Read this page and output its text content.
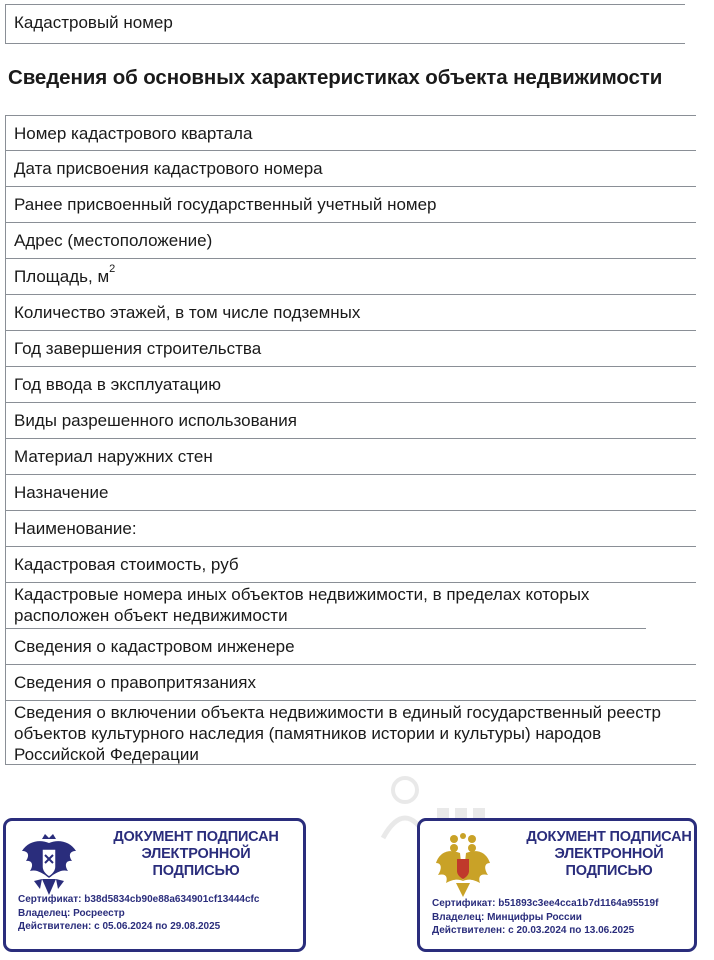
Кадастровый номер
Сведения об основных характеристиках объекта недвижимости
Номер кадастрового квартала
Дата присвоения кадастрового номера
Ранее присвоенный государственный учетный номер
Адрес (местоположение)
Площадь, $м^2$
Количество этажей, в том числе подземных
Год завершения строительства
Год ввода в эксплуатацию
Виды разрешенного использования
Материал наружних стен
Назначение
Наименование:
Кадастровая стоимость, руб
Кадастровые номера иных объектов недвижимости, в пределах которых расположен объект недвижимости
Сведения о кадастровом инженере
Сведения о правопритязаниях
Сведения о включении объекта недвижимости в единый государственный реестр объектов культурного наследия (памятников истории и культуры) народов Российской Федерации
ДОКУМЕНТ ПОДПИСАН
ЭЛЕКТРОННОЙ
ПОДПИСЬЮ
Сертификат: b38d5834cb90e88a634901cf13444cfc
Владелец: Росреестр
Действителен: с 05.06.2024 по 29.08.2025
ДОКУМЕНТ ПОДПИСАН
ЭЛЕКТРОННОЙ
ПОДПИСЬЮ
Сертификат: b51893c3ee4cca1b7d1164a95519f
Владелец: Минцифры России
Действителен: с 20.03.2024 по 13.06.2025
